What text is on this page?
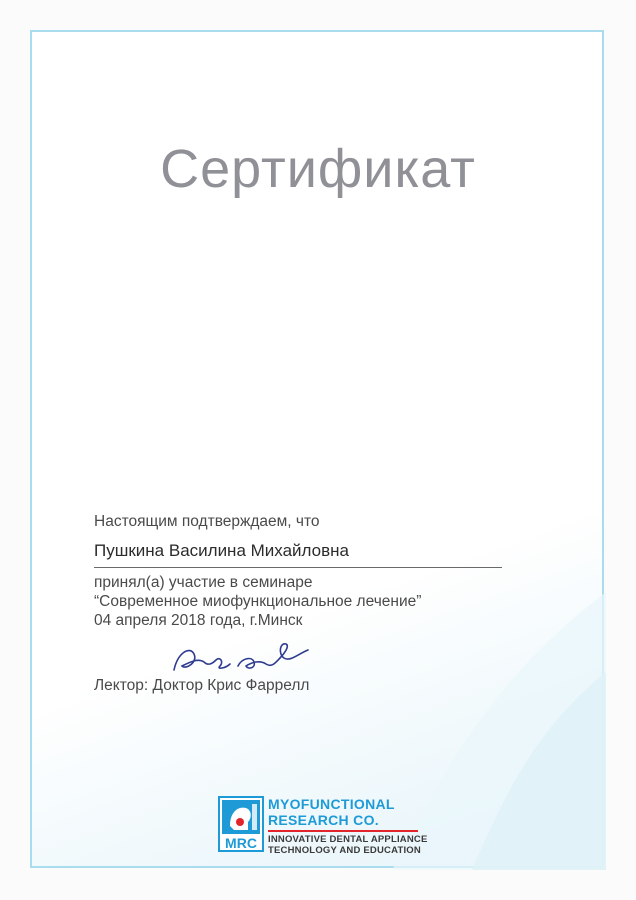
Сертификат
Настоящим подтверждаем, что
Пушкина Василина Михайловна
принял(а) участие в семинаре
“Современное миофункциональное лечение”
04 апреля 2018 года, г.Минск
Лектор: Доктор Крис Фаррелл
MRC
MYOFUNCTIONAL
RESEARCH CO.
INNOVATIVE DENTAL APPLIANCE
TECHNOLOGY AND EDUCATION
